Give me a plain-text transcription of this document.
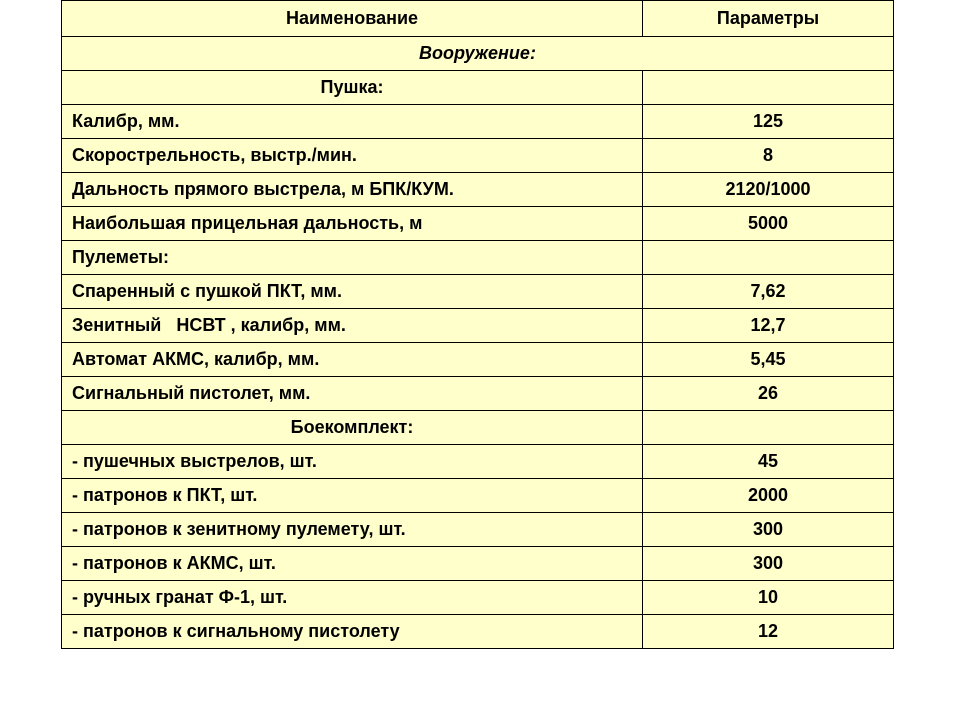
Наименование	Параметры
Вооружение:	
Пушка:	
Калибр, мм.	125
Скорострельность, выстр./мин.	8
Дальность прямого выстрела, м БПК/КУМ.	2120/1000
Наибольшая прицельная дальность, м	5000
Пулеметы:	
Спаренный с пушкой ПКТ, мм.	7,62
Зенитный   НСВТ , калибр, мм.	12,7
Автомат АКМС, калибр, мм.	5,45
Сигнальный пистолет, мм.	26
Боекомплект:	
- пушечных выстрелов, шт.	45
- патронов к ПКТ, шт.	2000
- патронов к зенитному пулемету, шт.	300
- патронов к АКМС, шт.	300
- ручных гранат Ф-1, шт.	10
- патронов к сигнальному пистолету	12
